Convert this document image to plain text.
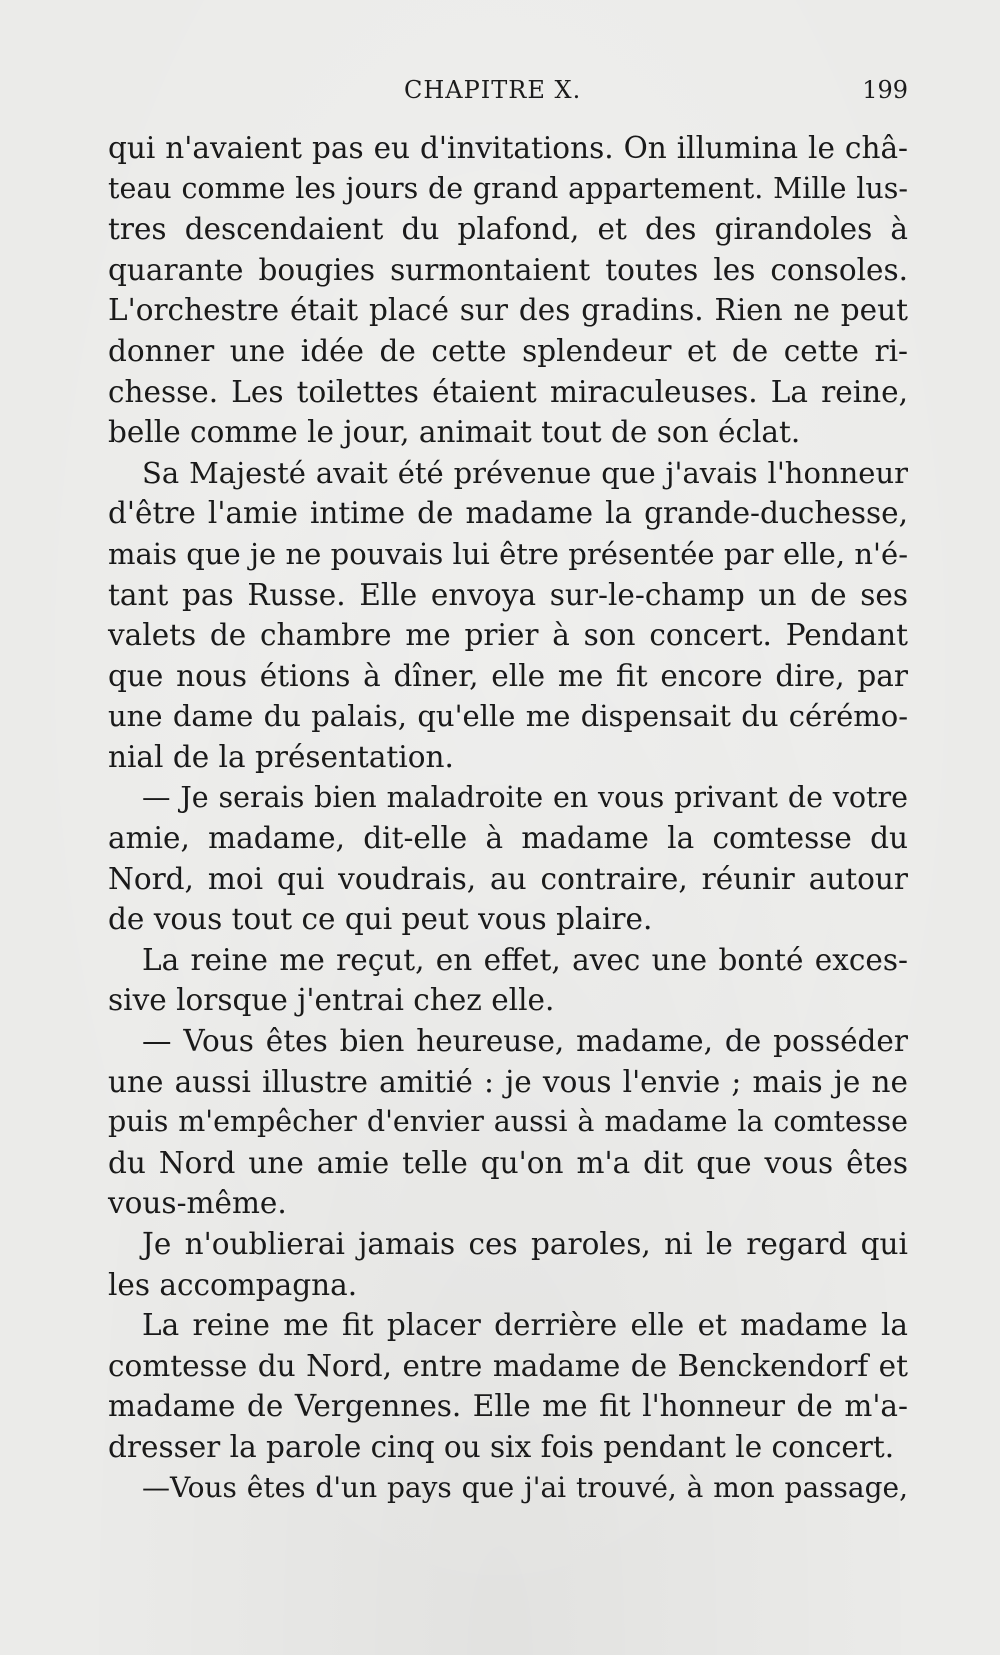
CHAPITRE X.	199
qui n'avaient pas eu d'invitations. On illumina le châ-
teau comme les jours de grand appartement. Mille lus-
tres descendaient du plafond, et des girandoles à
quarante bougies surmontaient toutes les consoles.
L'orchestre était placé sur des gradins. Rien ne peut
donner une idée de cette splendeur et de cette ri-
chesse. Les toilettes étaient miraculeuses. La reine,
belle comme le jour, animait tout de son éclat.
Sa Majesté avait été prévenue que j'avais l'honneur
d'être l'amie intime de madame la grande-duchesse,
mais que je ne pouvais lui être présentée par elle, n'é-
tant pas Russe. Elle envoya sur-le-champ un de ses
valets de chambre me prier à son concert. Pendant
que nous étions à dîner, elle me fit encore dire, par
une dame du palais, qu'elle me dispensait du cérémo-
nial de la présentation.
— Je serais bien maladroite en vous privant de votre
amie, madame, dit-elle à madame la comtesse du
Nord, moi qui voudrais, au contraire, réunir autour
de vous tout ce qui peut vous plaire.
La reine me reçut, en effet, avec une bonté exces-
sive lorsque j'entrai chez elle.
— Vous êtes bien heureuse, madame, de posséder
une aussi illustre amitié : je vous l'envie ; mais je ne
puis m'empêcher d'envier aussi à madame la comtesse
du Nord une amie telle qu'on m'a dit que vous êtes
vous-même.
Je n'oublierai jamais ces paroles, ni le regard qui
les accompagna.
La reine me fit placer derrière elle et madame la
comtesse du Nord, entre madame de Benckendorf et
madame de Vergennes. Elle me fit l'honneur de m'a-
dresser la parole cinq ou six fois pendant le concert.
—Vous êtes d'un pays que j'ai trouvé, à mon passage,
